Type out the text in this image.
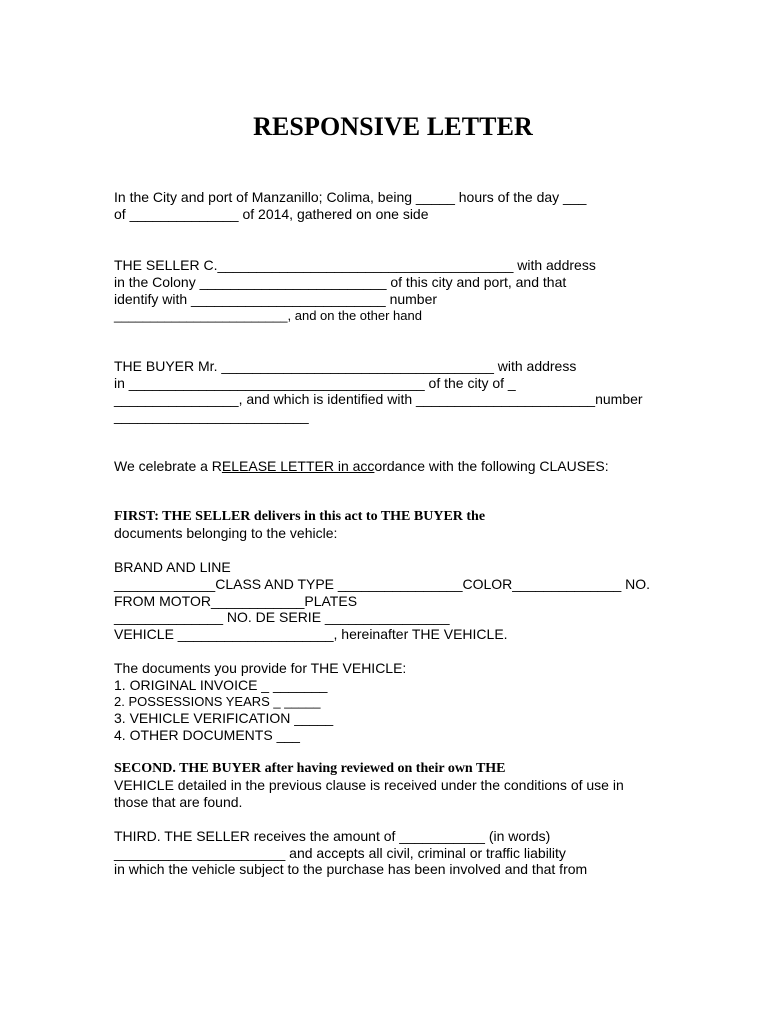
RESPONSIVE LETTER
In the City and port of Manzanillo; Colima, being _____ hours of the day ___
of ______________ of 2014, gathered on one side
THE SELLER C.______________________________________ with address
in the Colony ________________________ of this city and port, and that
identify with _________________________ number
________________________, and on the other hand
THE BUYER Mr. ___________________________________ with address
in ______________________________________ of the city of _
________________, and which is identified with _______________________number
_________________________
We celebrate a RELEASE LETTER in accordance with the following CLAUSES:
FIRST: THE SELLER delivers in this act to THE BUYER the
documents belonging to the vehicle:
BRAND AND LINE
_____________CLASS AND TYPE ________________COLOR______________ NO.
FROM MOTOR____________PLATES
______________ NO. DE SERIE ________________
VEHICLE ____________________, hereinafter THE VEHICLE.
The documents you provide for THE VEHICLE:
1. ORIGINAL INVOICE _ _______
2. POSSESSIONS YEARS _ _____
3. VEHICLE VERIFICATION _____
4. OTHER DOCUMENTS ___
SECOND. THE BUYER after having reviewed on their own THE
VEHICLE detailed in the previous clause is received under the conditions of use in
those that are found.
THIRD. THE SELLER receives the amount of ___________ (in words)
______________________ and accepts all civil, criminal or traffic liability
in which the vehicle subject to the purchase has been involved and that from
